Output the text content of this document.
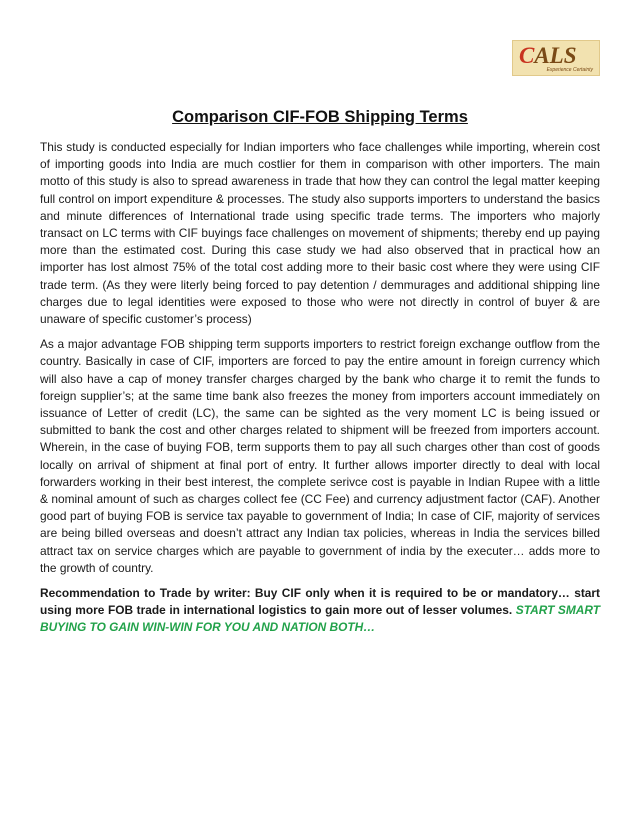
CALS
Experience Certainty
Comparison CIF-FOB Shipping Terms

This study is conducted especially for Indian importers who face challenges while importing, wherein cost of importing goods into India are much costlier for them in comparison with other importers. The main motto of this study is also to spread awareness in trade that how they can control the legal matter keeping full control on import expenditure & processes. The study also supports importers to understand the basics and minute differences of International trade using specific trade terms. The importers who majorly transact on LC terms with CIF buyings face challenges on movement of shipments; thereby end up paying more than the estimated cost. During this case study we had also observed that in practical how an importer has lost almost 75% of the total cost adding more to their basic cost where they were using CIF trade term. (As they were literly being forced to pay detention / demmurages and additional shipping line charges due to legal identities were exposed to those who were not directly in control of buyer & are unaware of specific customer’s process)

As a major advantage FOB shipping term supports importers to restrict foreign exchange outflow from the country. Basically in case of CIF, importers are forced to pay the entire amount in foreign currency which will also have a cap of money transfer charges charged by the bank who charge it to remit the funds to foreign supplier’s; at the same time bank also freezes the money from importers account immediately on issuance of Letter of credit (LC), the same can be sighted as the very moment LC is being issued or submitted to bank the cost and other charges related to shipment will be freezed from importers account. Wherein, in the case of buying FOB, term supports them to pay all such charges other than cost of goods locally on arrival of shipment at final port of entry. It further allows importer directly to deal with local forwarders working in their best interest, the complete serivce cost is payable in Indian Rupee with a little & nominal amount of such as charges collect fee (CC Fee) and currency adjustment factor (CAF). Another good part of buying FOB is service tax payable to government of India; In case of CIF, majority of services are being billed overseas and doesn’t attract any Indian tax policies, whereas in India the services billed attract tax on service charges which are payable to government of india by the executer… adds more to the growth of country.

Recommendation to Trade by writer: Buy CIF only when it is required to be or mandatory… start using more FOB trade in international logistics to gain more out of lesser volumes. START SMART BUYING TO GAIN WIN-WIN FOR YOU AND NATION BOTH…
